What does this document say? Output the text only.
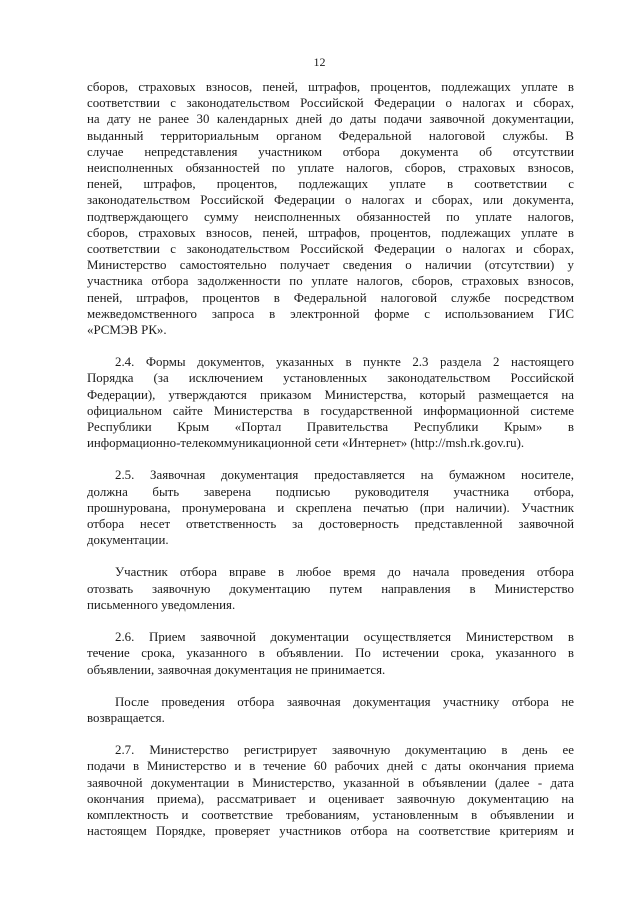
12
сборов, страховых взносов, пеней, штрафов, процентов, подлежащих уплате в
соответствии с законодательством Российской Федерации о налогах и сборах,
на дату не ранее 30 календарных дней до даты подачи заявочной документации,
выданный территориальным органом Федеральной налоговой службы. В
случае непредставления участником отбора документа об отсутствии
неисполненных обязанностей по уплате налогов, сборов, страховых взносов,
пеней, штрафов, процентов, подлежащих уплате в соответствии с
законодательством Российской Федерации о налогах и сборах, или документа,
подтверждающего сумму неисполненных обязанностей по уплате налогов,
сборов, страховых взносов, пеней, штрафов, процентов, подлежащих уплате в
соответствии с законодательством Российской Федерации о налогах и сборах,
Министерство самостоятельно получает сведения о наличии (отсутствии) у
участника отбора задолженности по уплате налогов, сборов, страховых взносов,
пеней, штрафов, процентов в Федеральной налоговой службе посредством
межведомственного запроса в электронной форме с использованием ГИС
«РСМЭВ РК».
2.4. Формы документов, указанных в пункте 2.3 раздела 2 настоящего
Порядка (за исключением установленных законодательством Российской
Федерации), утверждаются приказом Министерства, который размещается на
официальном сайте Министерства в государственной информационной системе
Республики Крым «Портал Правительства Республики Крым» в
информационно-телекоммуникационной сети «Интернет» (http://msh.rk.gov.ru).
2.5. Заявочная документация предоставляется на бумажном носителе,
должна быть заверена подписью руководителя участника отбора,
прошнурована, пронумерована и скреплена печатью (при наличии). Участник
отбора несет ответственность за достоверность представленной заявочной
документации.
Участник отбора вправе в любое время до начала проведения отбора
отозвать заявочную документацию путем направления в Министерство
письменного уведомления.
2.6. Прием заявочной документации осуществляется Министерством в
течение срока, указанного в объявлении. По истечении срока, указанного в
объявлении, заявочная документация не принимается.
После проведения отбора заявочная документация участнику отбора не
возвращается.
2.7. Министерство регистрирует заявочную документацию в день ее
подачи в Министерство и в течение 60 рабочих дней с даты окончания приема
заявочной документации в Министерство, указанной в объявлении (далее - дата
окончания приема), рассматривает и оценивает заявочную документацию на
комплектность и соответствие требованиям, установленным в объявлении и
настоящем Порядке, проверяет участников отбора на соответствие критериям и
